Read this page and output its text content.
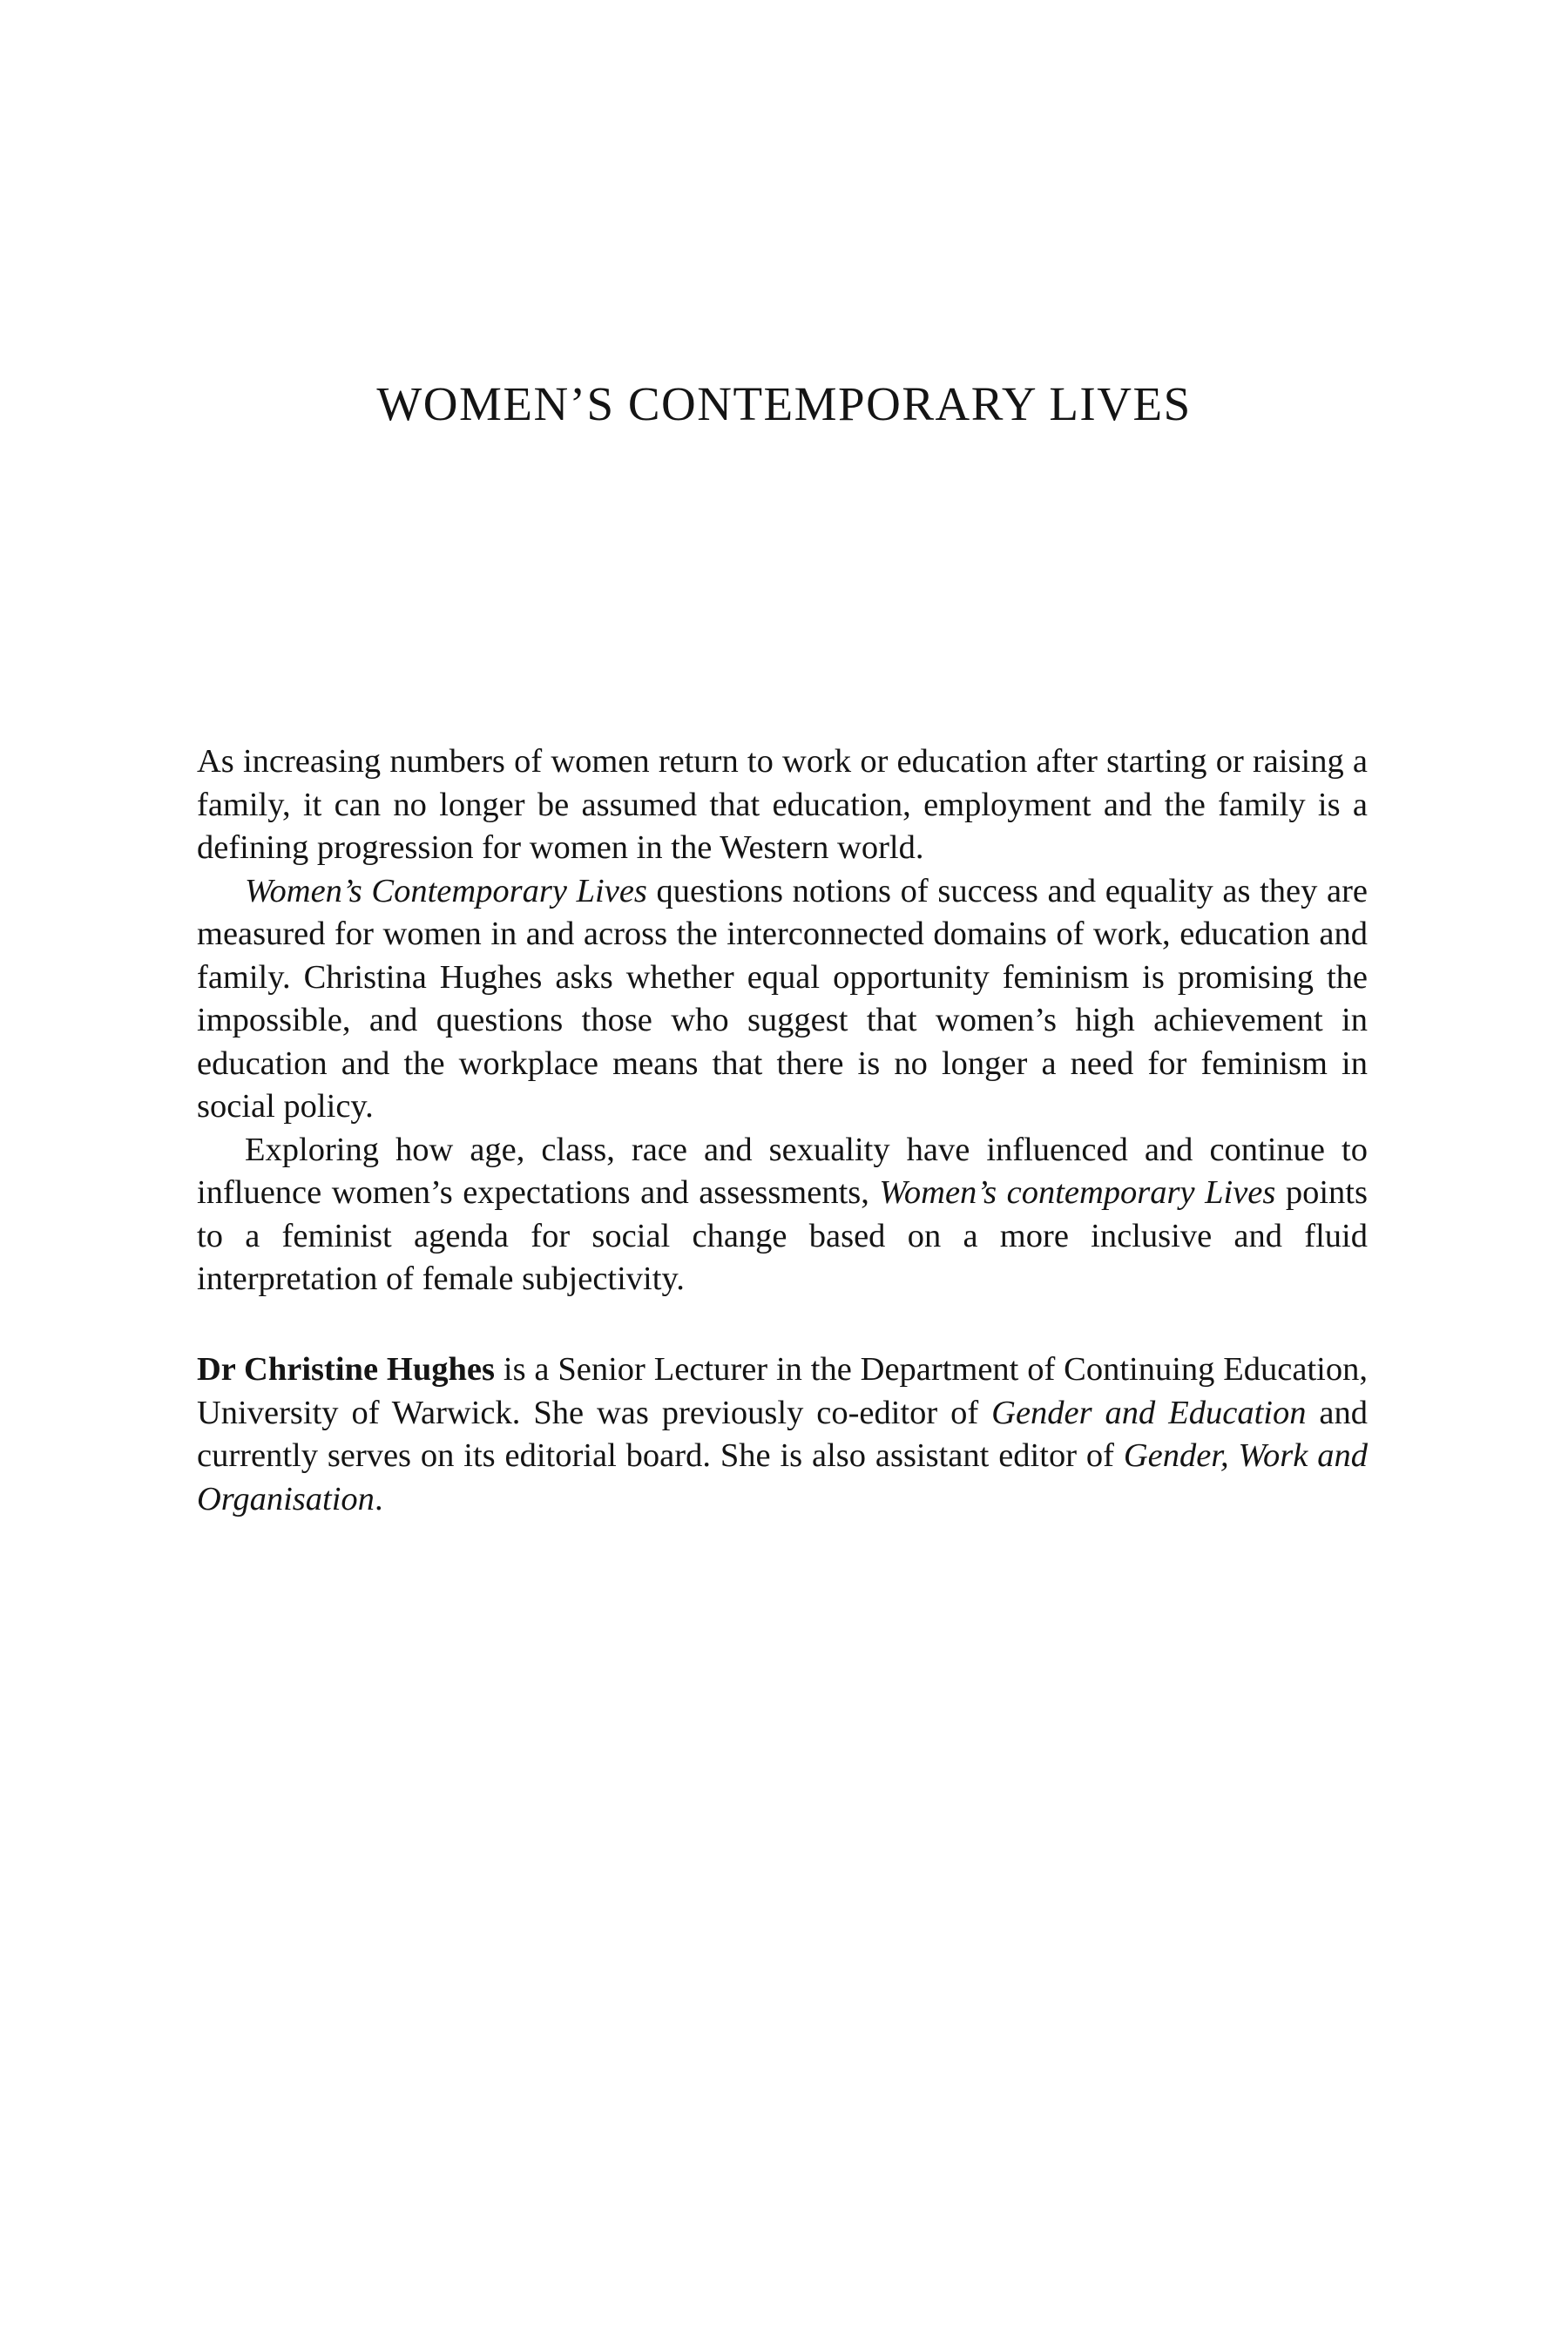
WOMEN’S CONTEMPORARY LIVES

As increasing numbers of women return to work or education after starting or raising a family, it can no longer be assumed that education, employment and the family is a defining progression for women in the Western world.

Women’s Contemporary Lives questions notions of success and equality as they are measured for women in and across the interconnected domains of work, education and family. Christina Hughes asks whether equal opportunity feminism is promising the impossible, and questions those who suggest that women’s high achievement in education and the workplace means that there is no longer a need for feminism in social policy.

Exploring how age, class, race and sexuality have influenced and continue to influence women’s expectations and assessments, Women’s contemporary Lives points to a feminist agenda for social change based on a more inclusive and fluid interpretation of female subjectivity.

Dr Christine Hughes is a Senior Lecturer in the Department of Continuing Education, University of Warwick. She was previously co-editor of Gender and Education and currently serves on its editorial board. She is also assistant editor of Gender, Work and Organisation.
